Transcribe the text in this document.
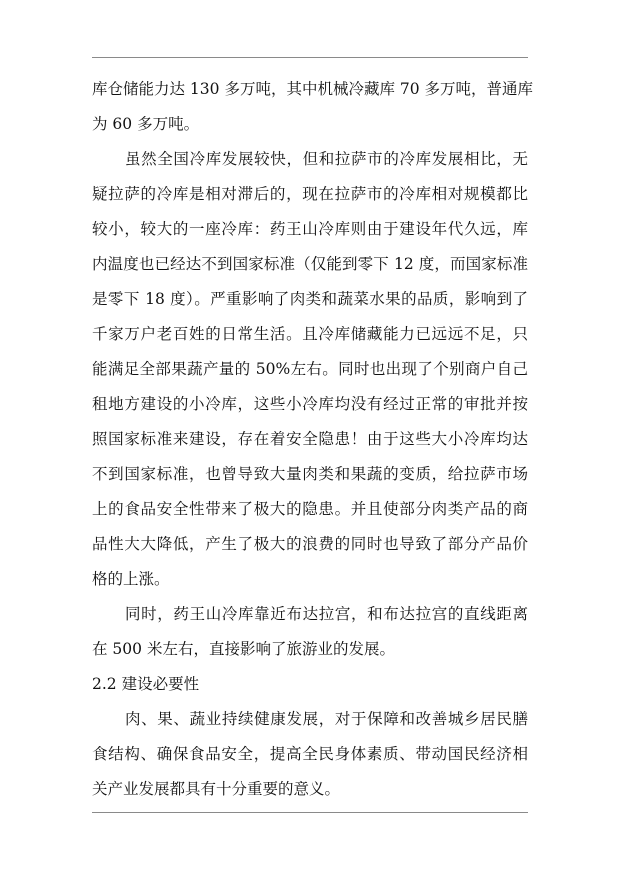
库仓储能力达 130 多万吨，其中机械冷藏库 70 多万吨，普通库
为 60 多万吨。
虽然全国冷库发展较快，但和拉萨市的冷库发展相比，无
疑拉萨的冷库是相对滞后的，现在拉萨市的冷库相对规模都比
较小，较大的一座冷库：药王山冷库则由于建设年代久远，库
内温度也已经达不到国家标准（仅能到零下 12 度，而国家标准
是零下 18 度）。严重影响了肉类和蔬菜水果的品质，影响到了
千家万户老百姓的日常生活。且冷库储藏能力已远远不足，只
能满足全部果蔬产量的 50%左右。同时也出现了个别商户自己
租地方建设的小冷库，这些小冷库均没有经过正常的审批并按
照国家标准来建设，存在着安全隐患！由于这些大小冷库均达
不到国家标准，也曾导致大量肉类和果蔬的变质，给拉萨市场
上的食品安全性带来了极大的隐患。并且使部分肉类产品的商
品性大大降低，产生了极大的浪费的同时也导致了部分产品价
格的上涨。
同时，药王山冷库靠近布达拉宫，和布达拉宫的直线距离
在 500 米左右，直接影响了旅游业的发展。
2.2 建设必要性
肉、果、蔬业持续健康发展，对于保障和改善城乡居民膳
食结构、确保食品安全，提高全民身体素质、带动国民经济相
关产业发展都具有十分重要的意义。
